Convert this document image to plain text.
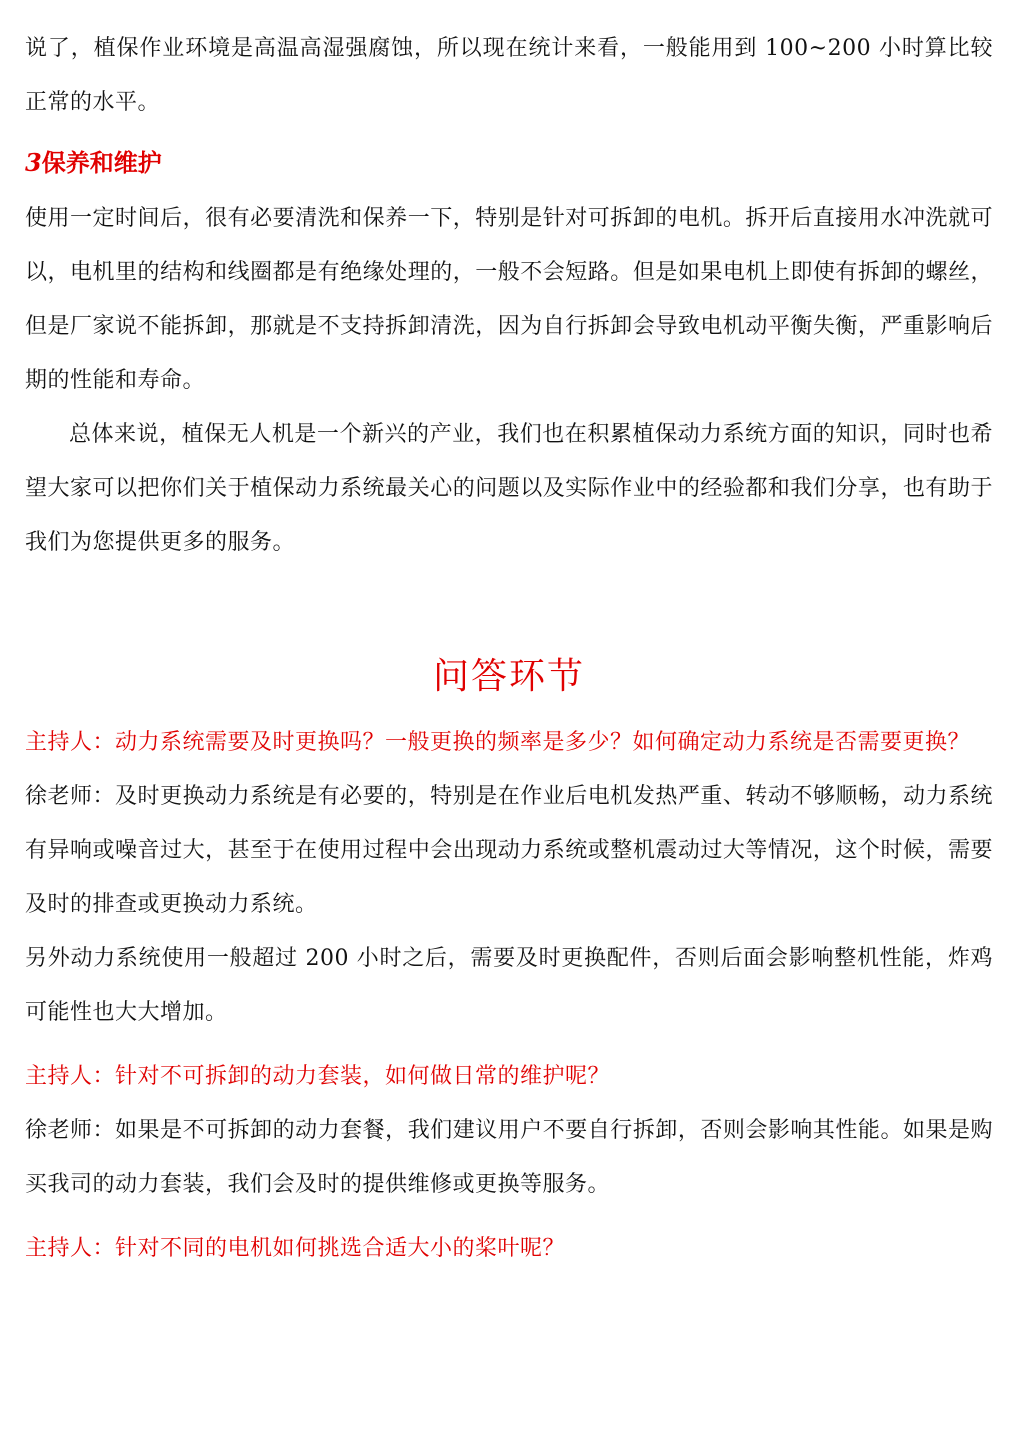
说了，植保作业环境是高温高湿强腐蚀，所以现在统计来看，一般能用到 100~200 小时算比较正常的水平。

3保养和维护

使用一定时间后，很有必要清洗和保养一下，特别是针对可拆卸的电机。拆开后直接用水冲洗就可以，电机里的结构和线圈都是有绝缘处理的，一般不会短路。但是如果电机上即使有拆卸的螺丝，但是厂家说不能拆卸，那就是不支持拆卸清洗，因为自行拆卸会导致电机动平衡失衡，严重影响后期的性能和寿命。

总体来说，植保无人机是一个新兴的产业，我们也在积累植保动力系统方面的知识，同时也希望大家可以把你们关于植保动力系统最关心的问题以及实际作业中的经验都和我们分享，也有助于我们为您提供更多的服务。

问答环节

主持人：动力系统需要及时更换吗？一般更换的频率是多少？如何确定动力系统是否需要更换？

徐老师：及时更换动力系统是有必要的，特别是在作业后电机发热严重、转动不够顺畅，动力系统有异响或噪音过大，甚至于在使用过程中会出现动力系统或整机震动过大等情况，这个时候，需要及时的排查或更换动力系统。

另外动力系统使用一般超过 200 小时之后，需要及时更换配件，否则后面会影响整机性能，炸鸡可能性也大大增加。

主持人：针对不可拆卸的动力套装，如何做日常的维护呢？

徐老师：如果是不可拆卸的动力套餐，我们建议用户不要自行拆卸，否则会影响其性能。如果是购买我司的动力套装，我们会及时的提供维修或更换等服务。

主持人：针对不同的电机如何挑选合适大小的桨叶呢？
